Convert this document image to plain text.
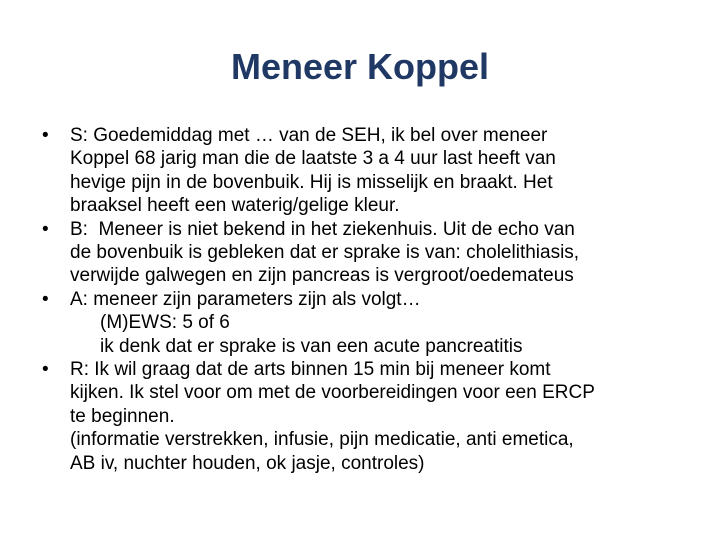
Meneer Koppel
•	S: Goedemiddag met … van de SEH, ik bel over meneer
Koppel 68 jarig man die de laatste 3 a 4 uur last heeft van
hevige pijn in de bovenbuik. Hij is misselijk en braakt. Het
braaksel heeft een waterig/gelige kleur.
•	B:  Meneer is niet bekend in het ziekenhuis. Uit de echo van
de bovenbuik is gebleken dat er sprake is van: cholelithiasis,
verwijde galwegen en zijn pancreas is vergroot/oedemateus
•	A: meneer zijn parameters zijn als volgt…
(M)EWS: 5 of 6
ik denk dat er sprake is van een acute pancreatitis
•	R: Ik wil graag dat de arts binnen 15 min bij meneer komt
kijken. Ik stel voor om met de voorbereidingen voor een ERCP
te beginnen.
(informatie verstrekken, infusie, pijn medicatie, anti emetica,
AB iv, nuchter houden, ok jasje, controles)
